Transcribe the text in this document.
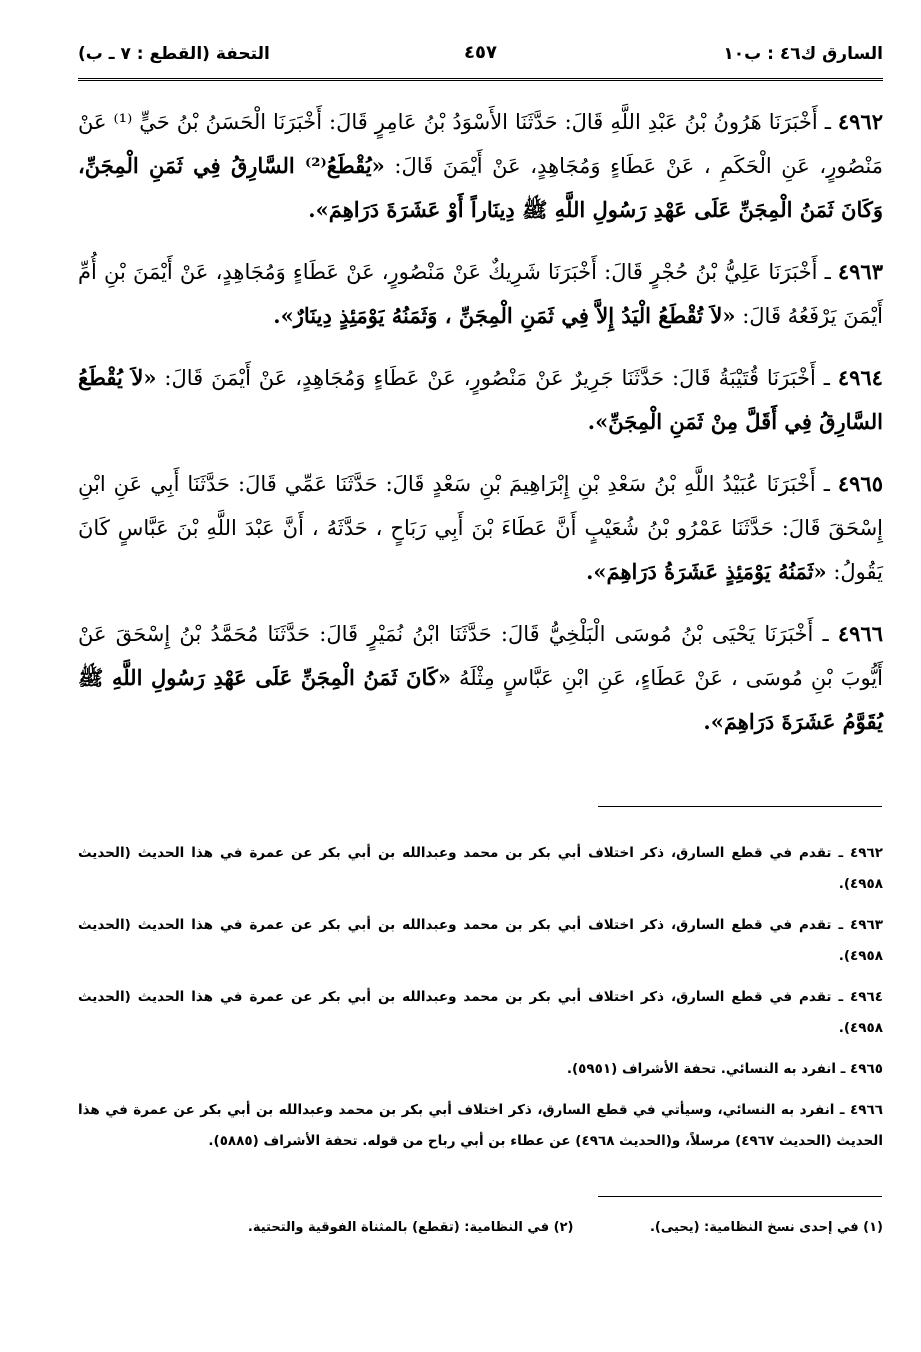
السارق ك٤٦ : ب١٠
٤٥٧
التحفة (القطع : ٧ ـ ب)

٤٩٦٢ ـ أَخْبَرَنَا هَرُونُ بْنُ عَبْدِ اللَّهِ قَالَ: حَدَّثَنَا الأَسْوَدُ بْنُ عَامِرٍ قَالَ: أَخْبَرَنَا الْحَسَنُ بْنُ حَيٍّ ⁽¹⁾ عَنْ مَنْصُورٍ، عَنِ الْحَكَمِ ، عَنْ عَطَاءٍ وَمُجَاهِدٍ، عَنْ أَيْمَنَ قَالَ: «يُقْطَعُ⁽²⁾ السَّارِقُ فِي ثَمَنِ الْمِجَنِّ، وَكَانَ ثَمَنُ الْمِجَنِّ عَلَى عَهْدِ رَسُولِ اللَّهِ ﷺ دِينَاراً أَوْ عَشَرَةَ دَرَاهِمَ».

٤٩٦٣ ـ أَخْبَرَنَا عَلِيُّ بْنُ حُجْرٍ قَالَ: أَخْبَرَنَا شَرِيكٌ عَنْ مَنْصُورٍ، عَنْ عَطَاءٍ وَمُجَاهِدٍ، عَنْ أَيْمَنَ بْنِ أُمِّ أَيْمَنَ يَرْفَعُهُ قَالَ: «لاَ تُقْطَعُ الْيَدُ إِلاَّ فِي ثَمَنِ الْمِجَنِّ ، وَثَمَنُهُ يَوْمَئِذٍ دِينَارٌ».

٤٩٦٤ ـ أَخْبَرَنَا قُتَيْبَةُ قَالَ: حَدَّثَنَا جَرِيرٌ عَنْ مَنْصُورٍ، عَنْ عَطَاءٍ وَمُجَاهِدٍ، عَنْ أَيْمَنَ قَالَ: «لاَ يُقْطَعُ السَّارِقُ فِي أَقَلَّ مِنْ ثَمَنِ الْمِجَنِّ».

٤٩٦٥ ـ أَخْبَرَنَا عُبَيْدُ اللَّهِ بْنُ سَعْدِ بْنِ إِبْرَاهِيمَ بْنِ سَعْدٍ قَالَ: حَدَّثَنَا عَمِّي قَالَ: حَدَّثَنَا أَبِي عَنِ ابْنِ إِسْحَقَ قَالَ: حَدَّثَنَا عَمْرُو بْنُ شُعَيْبٍ أَنَّ عَطَاءَ بْنَ أَبِي رَبَاحٍ ، حَدَّثَهُ ، أَنَّ عَبْدَ اللَّهِ بْنَ عَبَّاسٍ كَانَ يَقُولُ: «ثَمَنُهُ يَوْمَئِذٍ عَشَرَةُ دَرَاهِمَ».

٤٩٦٦ ـ أَخْبَرَنَا يَحْيَى بْنُ مُوسَى الْبَلْخِيُّ قَالَ: حَدَّثَنَا ابْنُ نُمَيْرٍ قَالَ: حَدَّثَنَا مُحَمَّدُ بْنُ إِسْحَقَ عَنْ أَيُّوبَ بْنِ مُوسَى ، عَنْ عَطَاءٍ، عَنِ ابْنِ عَبَّاسٍ مِثْلَهُ «كَانَ ثَمَنُ الْمِجَنِّ عَلَى عَهْدِ رَسُولِ اللَّهِ ﷺ يُقَوَّمُ عَشَرَةَ دَرَاهِمَ».

٤٩٦٢ ـ تقدم في قطع السارق، ذكر اختلاف أبي بكر بن محمد وعبدالله بن أبي بكر عن عمرة في هذا الحديث (الحديث ٤٩٥٨).

٤٩٦٣ ـ تقدم في قطع السارق، ذكر اختلاف أبي بكر بن محمد وعبدالله بن أبي بكر عن عمرة في هذا الحديث (الحديث ٤٩٥٨).

٤٩٦٤ ـ تقدم في قطع السارق، ذكر اختلاف أبي بكر بن محمد وعبدالله بن أبي بكر عن عمرة في هذا الحديث (الحديث ٤٩٥٨).

٤٩٦٥ ـ انفرد به النسائي. تحفة الأشراف (٥٩٥١).

٤٩٦٦ ـ انفرد به النسائي، وسيأتي في قطع السارق، ذكر اختلاف أبي بكر بن محمد وعبدالله بن أبي بكر عن عمرة في هذا الحديث (الحديث ٤٩٦٧) مرسلاً، و(الحديث ٤٩٦٨) عن عطاء بن أبي رباح من قوله. تحفة الأشراف (٥٨٨٥).

(١) في إحدى نسخ النظامية: (يحيى). (٢) في النظامية: (تقطع) بالمثناة الفوقية والتحتية.
